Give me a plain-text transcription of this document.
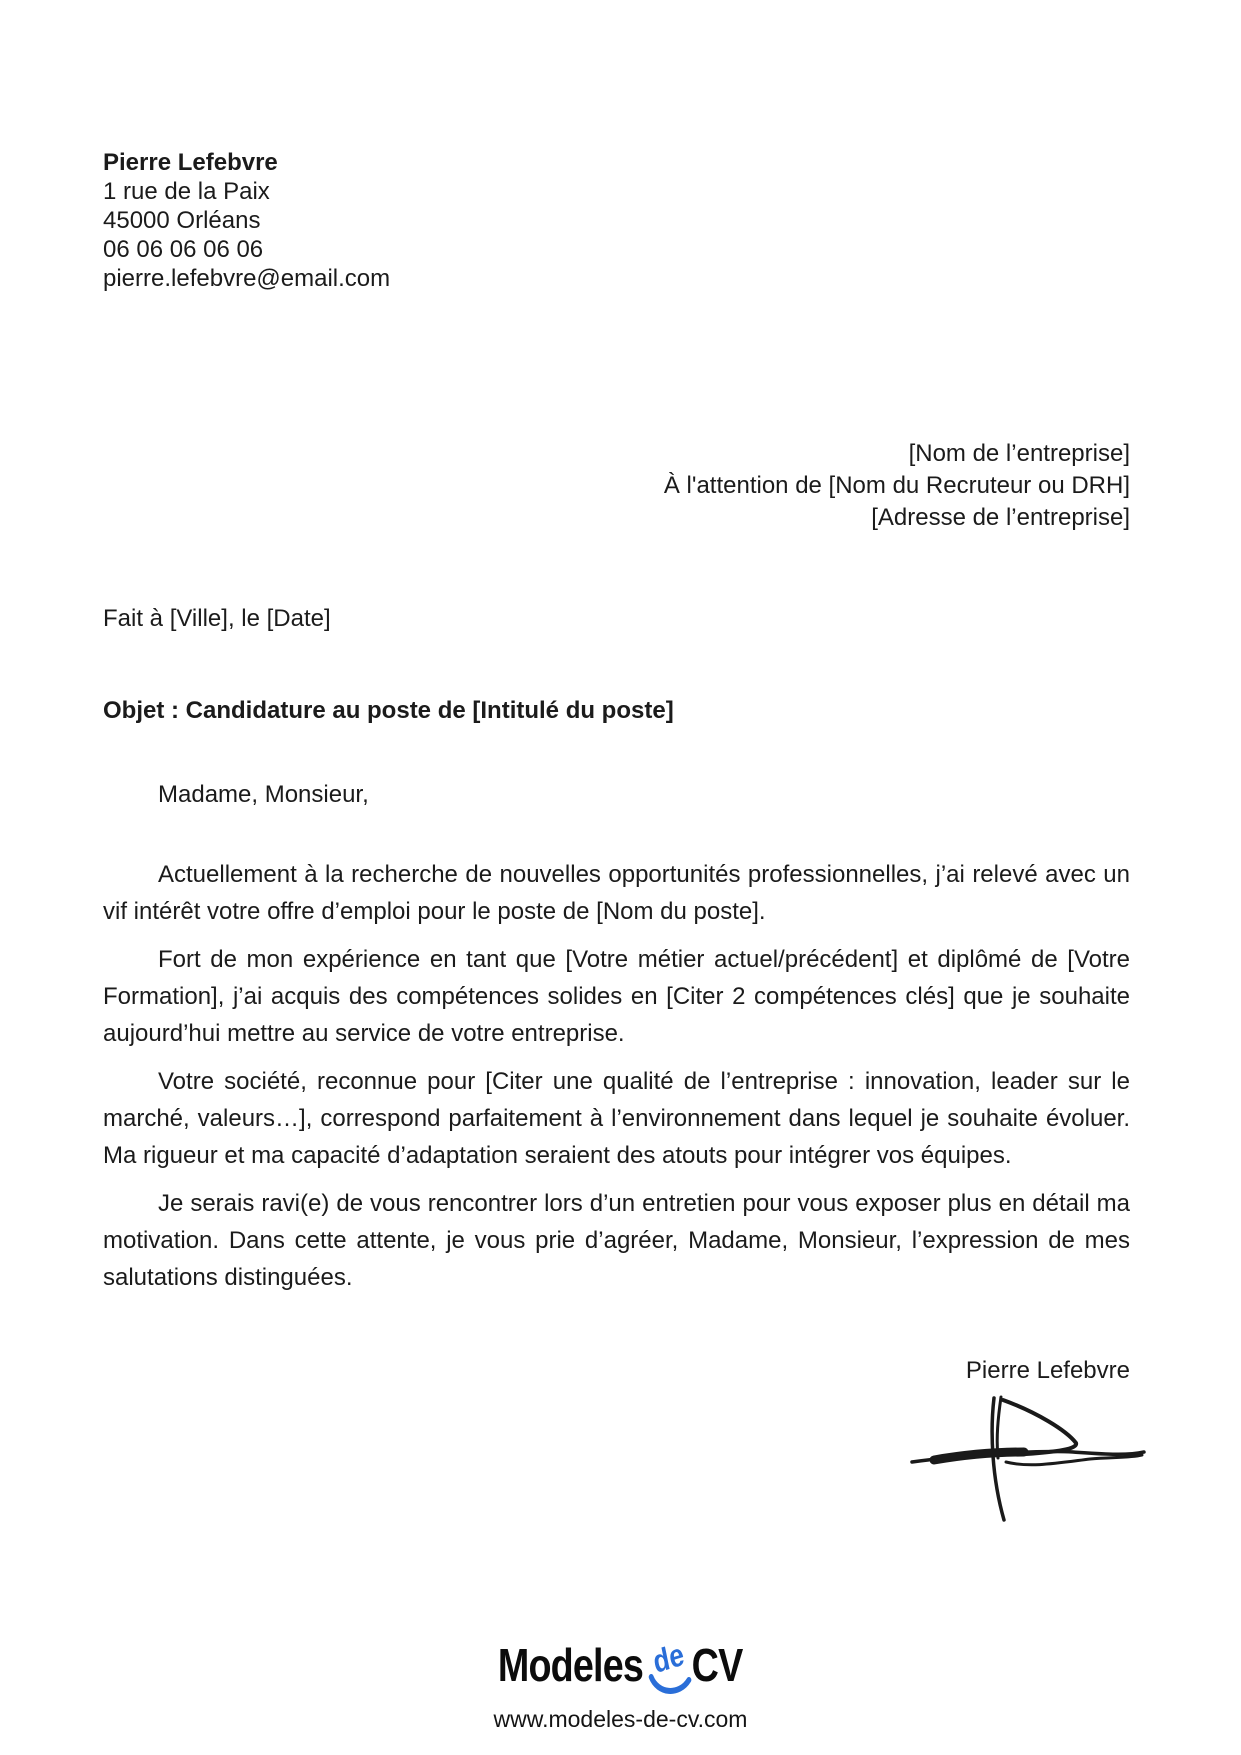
Pierre Lefebvre
1 rue de la Paix
45000 Orléans
06 06 06 06 06
pierre.lefebvre@email.com
[Nom de l’entreprise]
À l'attention de [Nom du Recruteur ou DRH]
[Adresse de l’entreprise]
Fait à [Ville], le [Date]
Objet : Candidature au poste de [Intitulé du poste]

Madame, Monsieur,

Actuellement à la recherche de nouvelles opportunités professionnelles, j’ai relevé avec un vif intérêt votre offre d’emploi pour le poste de [Nom du poste].

Fort de mon expérience en tant que [Votre métier actuel/précédent] et diplômé de [Votre Formation], j’ai acquis des compétences solides en [Citer 2 compétences clés] que je souhaite aujourd’hui mettre au service de votre entreprise.

Votre société, reconnue pour [Citer une qualité de l’entreprise : innovation, leader sur le marché, valeurs…], correspond parfaitement à l’environnement dans lequel je souhaite évoluer. Ma rigueur et ma capacité d’adaptation seraient des atouts pour intégrer vos équipes.

Je serais ravi(e) de vous rencontrer lors d’un entretien pour vous exposer plus en détail ma motivation. Dans cette attente, je vous prie d’agréer, Madame, Monsieur, l’expression de mes salutations distinguées.

Pierre Lefebvre
Modeles de CV
www.modeles-de-cv.com
